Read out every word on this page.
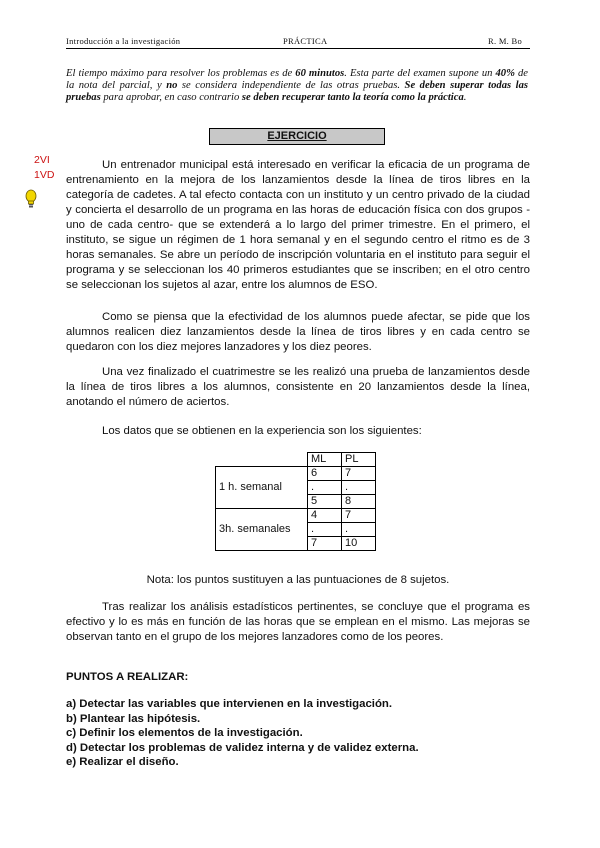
Introducción a la investigación	PRÁCTICA	R. M. Bo

El tiempo máximo para resolver los problemas es de 60 minutos. Esta parte del examen supone un 40% de la nota del parcial, y no se considera independiente de las otras pruebas. Se deben superar todas las pruebas para aprobar, en caso contrario se deben recuperar tanto la teoría como la práctica.

EJERCICIO
2VI
1VD

Un entrenador municipal está interesado en verificar la eficacia de un programa de entrenamiento en la mejora de los lanzamientos desde la línea de tiros libres en la categoría de cadetes. A tal efecto contacta con un instituto y un centro privado de la ciudad y concierta el desarrollo de un programa en las horas de educación física con dos grupos -uno de cada centro- que se extenderá a lo largo del primer trimestre. En el primero, el instituto, se sigue un régimen de 1 hora semanal y en el segundo centro el ritmo es de 3 horas semanales. Se abre un período de inscripción voluntaria en el instituto para seguir el programa y se seleccionan los 40 primeros estudiantes que se inscriben; en el otro centro se seleccionan los sujetos al azar, entre los alumnos de ESO.

Como se piensa que la efectividad de los alumnos puede afectar, se pide que los alumnos realicen diez lanzamientos desde la línea de tiros libres y en cada centro se quedaron con los diez mejores lanzadores y los diez peores.

Una vez finalizado el cuatrimestre se les realizó una prueba de lanzamientos desde la línea de tiros libres a los alumnos, consistente en 20 lanzamientos desde la línea, anotando el número de aciertos.

Los datos que se obtienen en la experiencia son los siguientes:

	ML	PL
1 h. semanal	6	7
	.	.
	5	8
3h. semanales	4	7
	.	.
	7	10

Nota: los puntos sustituyen a las puntuaciones de 8 sujetos.

Tras realizar los análisis estadísticos pertinentes, se concluye que el programa es efectivo y lo es más en función de las horas que se emplean en el mismo. Las mejoras se observan tanto en el grupo de los mejores lanzadores como de los peores.

PUNTOS A REALIZAR:
a) Detectar las variables que intervienen en la investigación.
b) Plantear las hipótesis.
c) Definir los elementos de la investigación.
d) Detectar los problemas de validez interna y de validez externa.
e) Realizar el diseño.
